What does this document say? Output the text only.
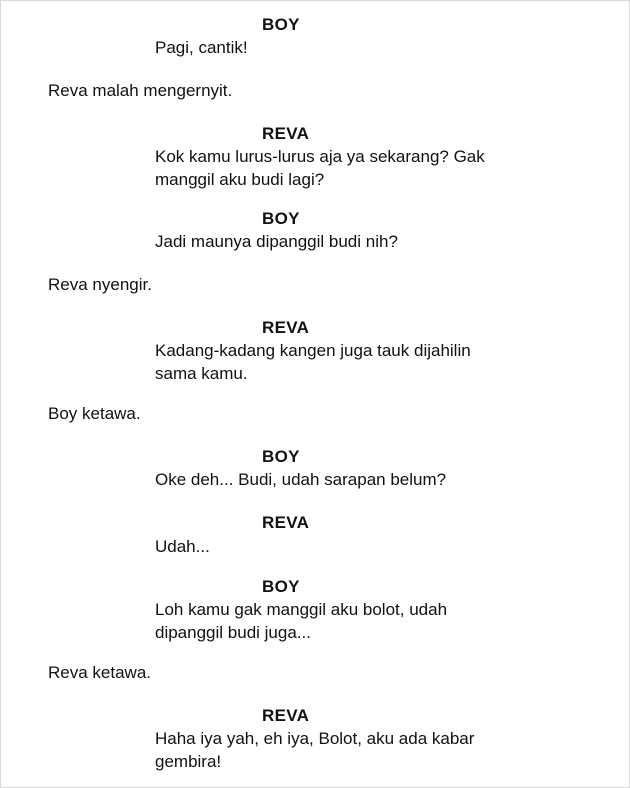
BOY
Pagi, cantik!
Reva malah mengernyit.
REVA
Kok kamu lurus-lurus aja ya sekarang? Gak
manggil aku budi lagi?
BOY
Jadi maunya dipanggil budi nih?
Reva nyengir.
REVA
Kadang-kadang kangen juga tauk dijahilin
sama kamu.
Boy ketawa.
BOY
Oke deh... Budi, udah sarapan belum?
REVA
Udah...
BOY
Loh kamu gak manggil aku bolot, udah
dipanggil budi juga...
Reva ketawa.
REVA
Haha iya yah, eh iya, Bolot, aku ada kabar
gembira!
